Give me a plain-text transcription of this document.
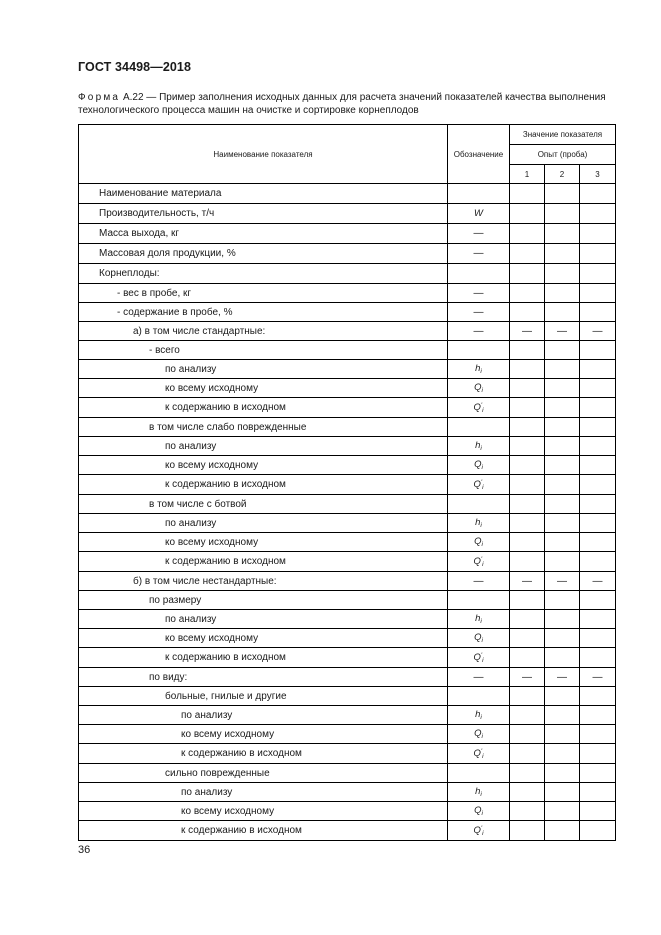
ГОСТ 34498—2018
Форма А.22 — Пример заполнения исходных данных для расчета значений показателей качества выполнения технологического процесса машин на очистке и сортировке корнеплодов
Наименование показателя	Обозначение	Значение показателя		
		Опыт (проба)		
		1	2	3
Наименование материала				
Производительность, т/ч	W			
Масса выхода, кг	—			
Массовая доля продукции, %	—			
Корнеплоды:				
- вес в пробе, кг	—			
- содержание в пробе, %	—			
а) в том числе стандартные:	—	—	—	—
- всего				
по анализу	$h_i$			
ко всему исходному	$Q_i$			
к содержанию в исходном	$Q'_i$			
в том числе слабо поврежденные				
по анализу	$h_i$			
ко всему исходному	$Q_i$			
к содержанию в исходном	$Q'_i$			
в том числе с ботвой				
по анализу	$h_i$			
ко всему исходному	$Q_i$			
к содержанию в исходном	$Q'_i$			
б) в том числе нестандартные:	—	—	—	—
по размеру				
по анализу	$h_i$			
ко всему исходному	$Q_i$			
к содержанию в исходном	$Q'_i$			
по виду:	—	—	—	—
больные, гнилые и другие				
по анализу	$h_i$			
ко всему исходному	$Q_i$			
к содержанию в исходном	$Q'_i$			
сильно поврежденные				
по анализу	$h_i$			
ко всему исходному	$Q_i$			
к содержанию в исходном	$Q'_i$			
36
